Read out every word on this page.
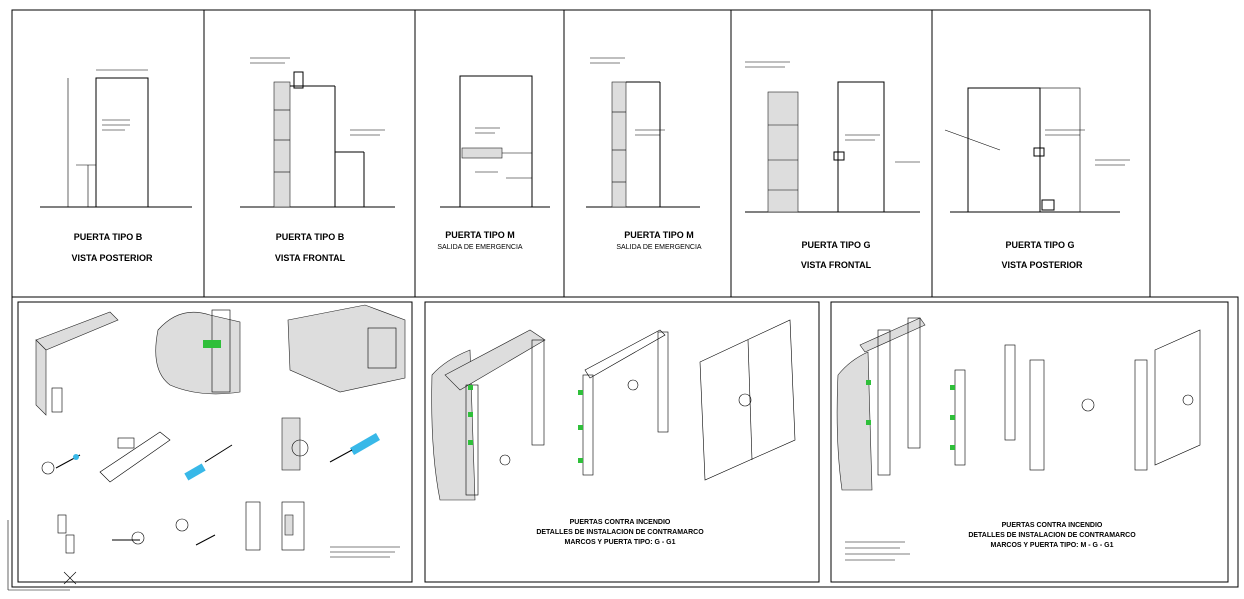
PUERTA TIPO B
VISTA POSTERIOR
PUERTA TIPO B
VISTA FRONTAL
PUERTA TIPO M
SALIDA DE EMERGENCIA
PUERTA TIPO M
SALIDA DE EMERGENCIA	PUERTA TIPO G
VISTA FRONTAL
PUERTA TIPO G
VISTA POSTERIOR
PUERTAS CONTRA INCENDIO
DETALLES DE INSTALACION DE CONTRAMARCO
MARCOS Y PUERTA TIPO: G - G1
PUERTAS CONTRA INCENDIO
DETALLES DE INSTALACION DE CONTRAMARCO
MARCOS Y PUERTA TIPO: M - G - G1
